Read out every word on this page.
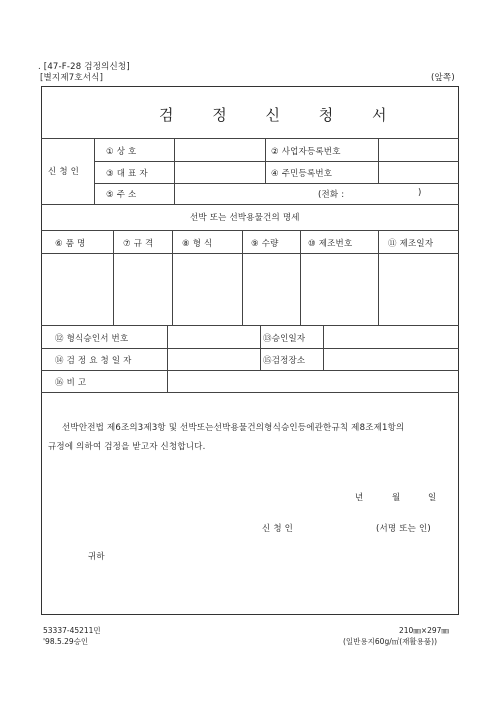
. [47-F-28 검정의신청]
[별지제7호서식]	(앞쪽)
검 정 신 청 서
신 청 인
① 상 호	② 사업자등록번호
③ 대 표 자	④ 주민등록번호
⑤ 주 소	(전화 :	)
선박 또는 선박용물건의 명세
⑥ 품 명	⑦ 규 격	⑧ 형 식	⑨ 수량	⑩ 제조번호	⑪ 제조일자
⑫ 형식승인서 번호	⑬승인일자
⑭ 검 정 요 청 일 자	⑮검정장소
⑯ 비 고
선박안전법 제6조의3제3항 및 선박또는선박용물건의형식승인등에관한규칙 제8조제1항의
규정에 의하여 검정을 받고자 신청합니다.
년	월	일
신 청 인	(서명 또는 인)
귀하
53337-45211민
'98.5.29승인
210㎜×297㎜
(일반용지60g/㎡(재활용품))
